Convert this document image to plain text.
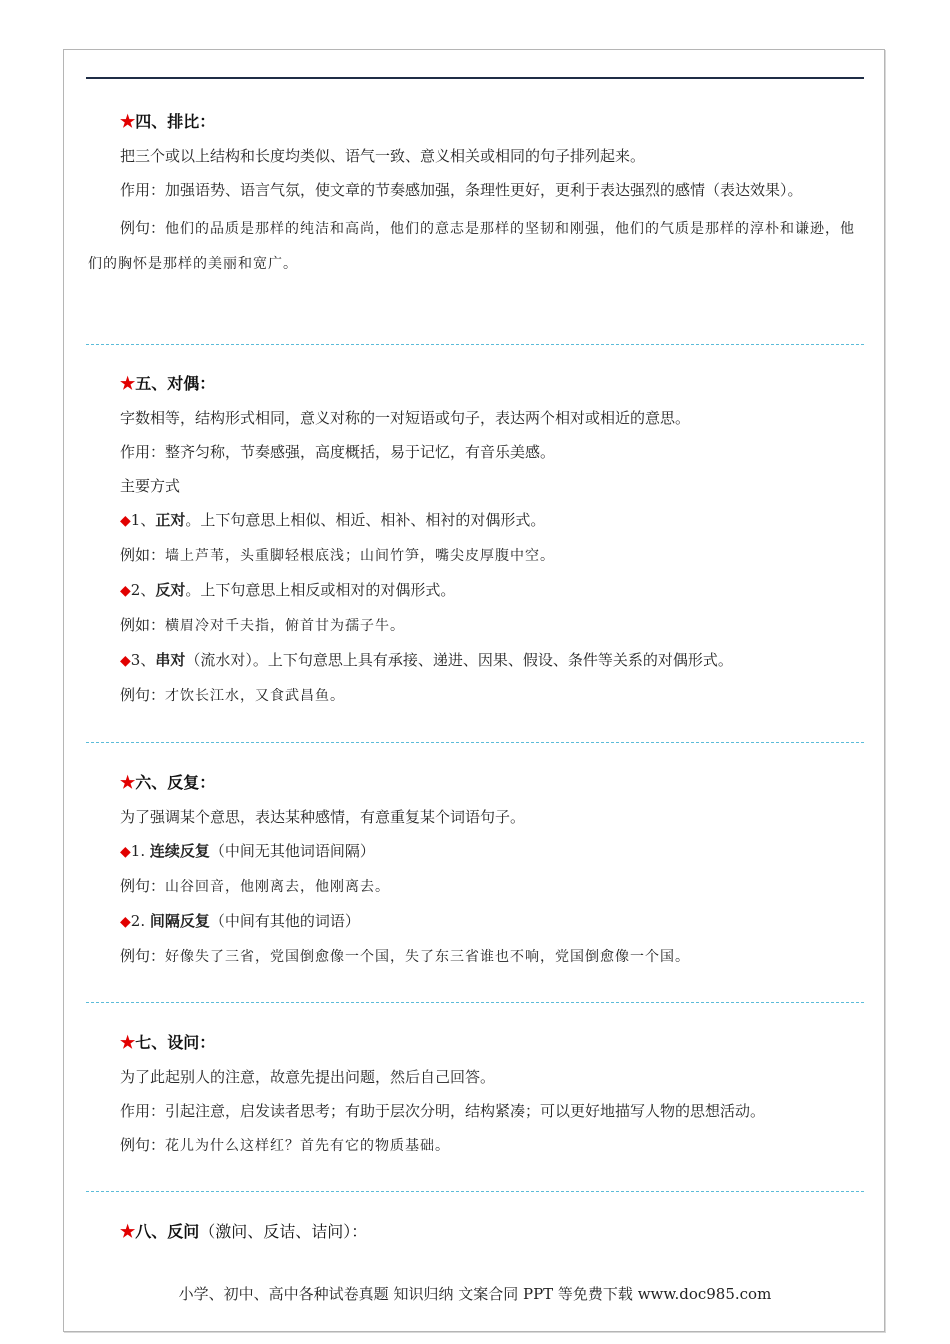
★四、排比：
把三个或以上结构和长度均类似、语气一致、意义相关或相同的句子排列起来。
作用：加强语势、语言气氛，使文章的节奏感加强，条理性更好，更利于表达强烈的感情（表达效果）。
例句：他们的品质是那样的纯洁和高尚，他们的意志是那样的坚韧和刚强，他们的气质是那样的淳朴和谦逊，他们的胸怀是那样的美丽和宽广。
★五、对偶：
字数相等，结构形式相同，意义对称的一对短语或句子，表达两个相对或相近的意思。
作用：整齐匀称，节奏感强，高度概括，易于记忆，有音乐美感。
主要方式
◆1、正对。上下句意思上相似、相近、相补、相衬的对偶形式。
例如：墙上芦苇，头重脚轻根底浅；山间竹笋，嘴尖皮厚腹中空。
◆2、反对。上下句意思上相反或相对的对偶形式。
例如：横眉冷对千夫指，俯首甘为孺子牛。
◆3、串对（流水对）。上下句意思上具有承接、递进、因果、假设、条件等关系的对偶形式。
例句：才饮长江水，又食武昌鱼。
★六、反复：
为了强调某个意思，表达某种感情，有意重复某个词语句子。
◆1. 连续反复（中间无其他词语间隔）
例句：山谷回音，他刚离去，他刚离去。
◆2. 间隔反复（中间有其他的词语）
例句：好像失了三省，党国倒愈像一个国，失了东三省谁也不响，党国倒愈像一个国。
★七、设问：
为了此起别人的注意，故意先提出问题，然后自己回答。
作用：引起注意，启发读者思考；有助于层次分明，结构紧凑；可以更好地描写人物的思想活动。
例句：花儿为什么这样红？首先有它的物质基础。
★八、反问（激问、反诘、诘问）：
小学、初中、高中各种试卷真题 知识归纳 文案合同 PPT 等免费下载 www.doc985.com
